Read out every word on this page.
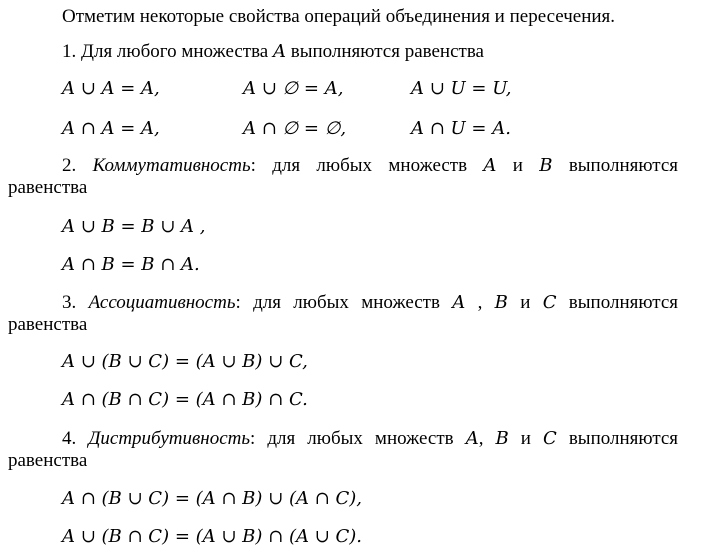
Отметим некоторые свойства операций объединения и пересечения.
1. Для любого множества A выполняются равенства
A ∪ A = A,	A ∪ ∅ = A,	A ∪ U = U,
A ∩ A = A,	A ∩ ∅ = ∅,	A ∩ U = A.
2. Коммутативность: для любых множеств A и B выполняются
равенства
A ∪ B = B ∪ A ,
A ∩ B = B ∩ A.
3. Ассоциативность: для любых множеств A , B и C выполняются
равенства
A ∪ (B ∪ C) = (A ∪ B) ∪ C,
A ∩ (B ∩ C) = (A ∩ B) ∩ C.
4. Дистрибутивность: для любых множеств A, B и C выполняются
равенства
A ∩ (B ∪ C) = (A ∩ B) ∪ (A ∩ C),
A ∪ (B ∩ C) = (A ∪ B) ∩ (A ∪ C).
